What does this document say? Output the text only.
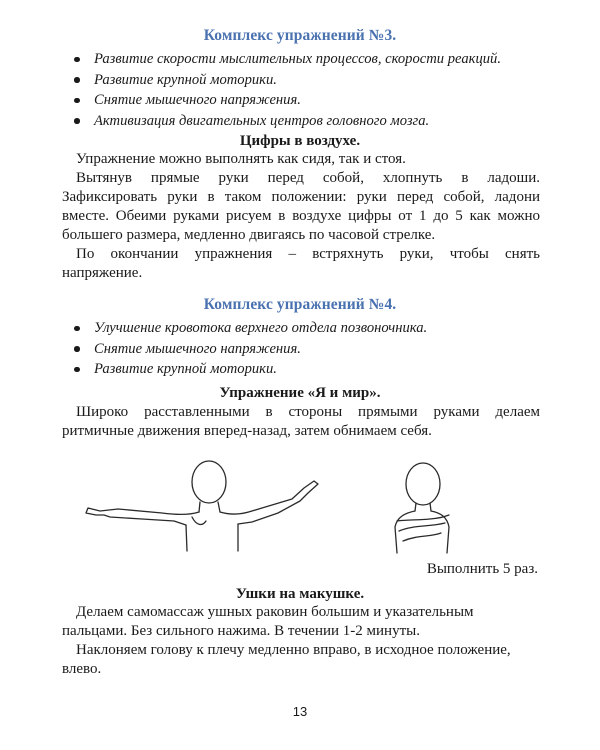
Комплекс упражнений №3.
Развитие скорости мыслительных процессов, скорости реакций.
Развитие крупной моторики.
Снятие мышечного напряжения.
Активизация двигательных центров головного мозга.
Цифры в воздухе.
Упражнение можно выполнять как сидя, так и стоя.
Вытянув прямые руки перед собой, хлопнуть в ладоши.
Зафиксировать руки в таком положении: руки перед собой, ладони
вместе. Обеими руками рисуем в воздухе цифры от 1 до 5 как можно
большего размера, медленно двигаясь по часовой стрелке.
По окончании упражнения – встряхнуть руки, чтобы снять
напряжение.
Комплекс упражнений №4.
Улучшение кровотока верхнего отдела позвоночника.
Снятие мышечного напряжения.
Развитие крупной моторики.
Упражнение «Я и мир».
Широко расставленными в стороны прямыми руками делаем
ритмичные движения вперед-назад, затем обнимаем себя.
Выполнить 5 раз.
Ушки на макушке.
Делаем самомассаж ушных раковин большим и указательным
пальцами. Без сильного нажима. В течении 1-2 минуты.
Наклоняем голову к плечу медленно вправо, в исходное положение,
влево.
13
